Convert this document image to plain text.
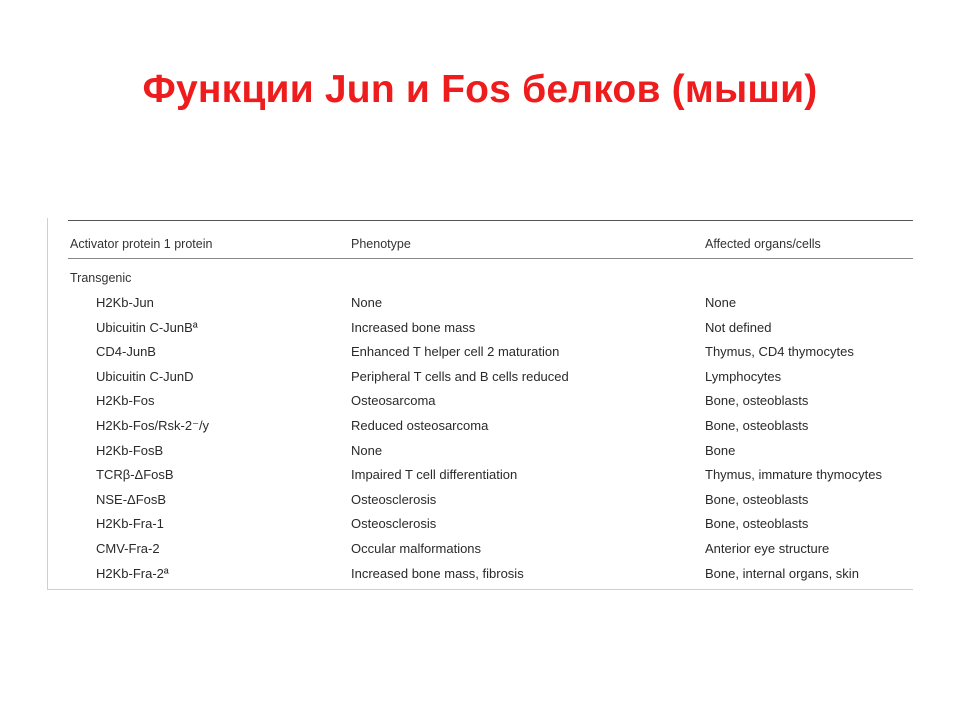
Функции Jun и Fos белков (мыши)
Activator protein 1 protein	Phenotype	Affected organs/cells
Transgenic
H2Kb-Jun	None	None
Ubicuitin C-JunBª	Increased bone mass	Not defined
CD4-JunB	Enhanced T helper cell 2 maturation	Thymus, CD4 thymocytes
Ubicuitin C-JunD	Peripheral T cells and B cells reduced	Lymphocytes
H2Kb-Fos	Osteosarcoma	Bone, osteoblasts
H2Kb-Fos/Rsk-2⁻/y	Reduced osteosarcoma	Bone, osteoblasts
H2Kb-FosB	None	Bone
TCRβ-ΔFosB	Impaired T cell differentiation	Thymus, immature thymocytes
NSE-ΔFosB	Osteosclerosis	Bone, osteoblasts
H2Kb-Fra-1	Osteosclerosis	Bone, osteoblasts
CMV-Fra-2	Occular malformations	Anterior eye structure
H2Kb-Fra-2ª	Increased bone mass, fibrosis	Bone, internal organs, skin
